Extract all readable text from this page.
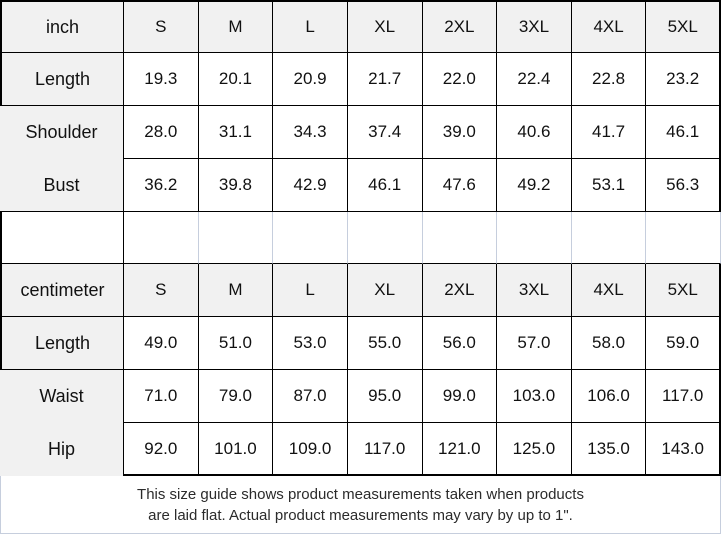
inch	S	M	L	XL	2XL	3XL	4XL	5XL
Length	19.3	20.1	20.9	21.7	22.0	22.4	22.8	23.2
Shoulder	28.0	31.1	34.3	37.4	39.0	40.6	41.7	46.1
Bust	36.2	39.8	42.9	46.1	47.6	49.2	53.1	56.3

centimeter	S	M	L	XL	2XL	3XL	4XL	5XL
Length	49.0	51.0	53.0	55.0	56.0	57.0	58.0	59.0
Waist	71.0	79.0	87.0	95.0	99.0	103.0	106.0	117.0
Hip	92.0	101.0	109.0	117.0	121.0	125.0	135.0	143.0
This size guide shows product measurements taken when products
are laid flat. Actual product measurements may vary by up to 1".
